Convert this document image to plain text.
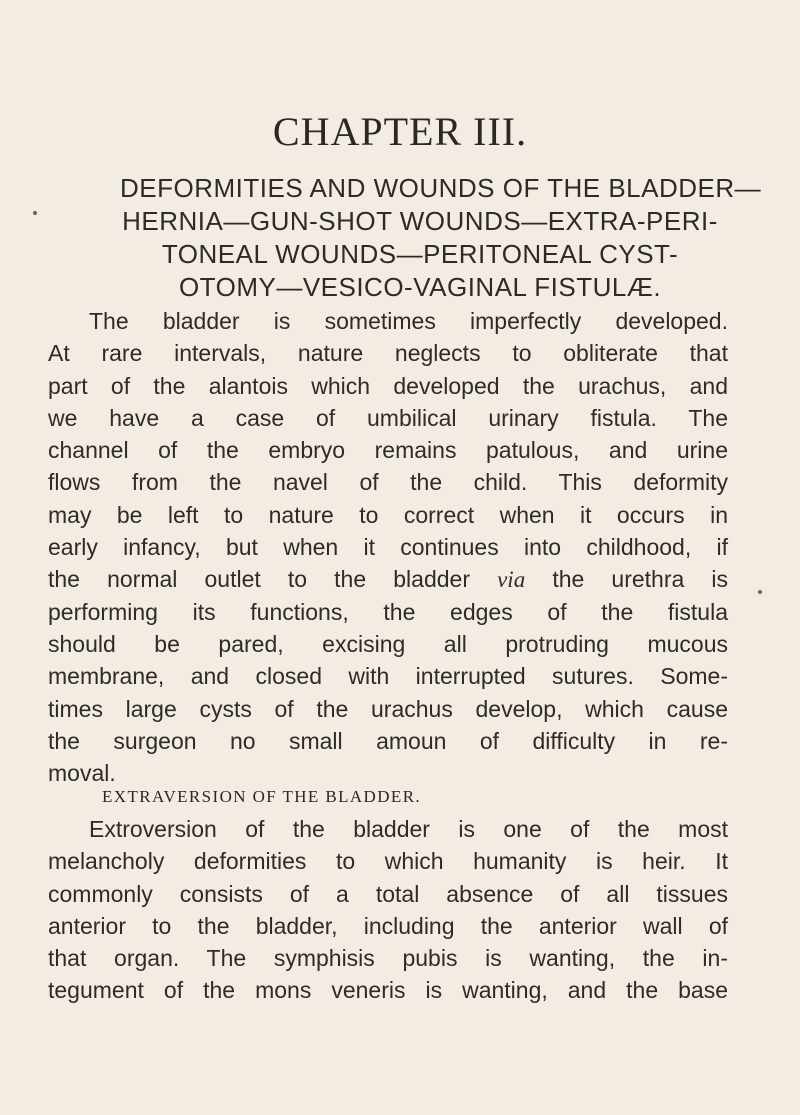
CHAPTER III.
DEFORMITIES AND WOUNDS OF THE BLADDER—
HERNIA—GUN-SHOT WOUNDS—EXTRA-PERI-
TONEAL WOUNDS—PERITONEAL CYST-
OTOMY—VESICO-VAGINAL FISTULÆ.
The bladder is sometimes imperfectly developed.
At rare intervals, nature neglects to obliterate that
part of the alantois which developed the urachus, and
we have a case of umbilical urinary fistula. The
channel of the embryo remains patulous, and urine
flows from the navel of the child. This deformity
may be left to nature to correct when it occurs in
early infancy, but when it continues into childhood, if
the normal outlet to the bladder via the urethra is
performing its functions, the edges of the fistula
should be pared, excising all protruding mucous
membrane, and closed with interrupted sutures. Some-
times large cysts of the urachus develop, which cause
the surgeon no small amoun of difficulty in re-
moval.
EXTRAVERSION OF THE BLADDER.
Extroversion of the bladder is one of the most
melancholy deformities to which humanity is heir. It
commonly consists of a total absence of all tissues
anterior to the bladder, including the anterior wall of
that organ. The symphisis pubis is wanting, the in-
tegument of the mons veneris is wanting, and the base
